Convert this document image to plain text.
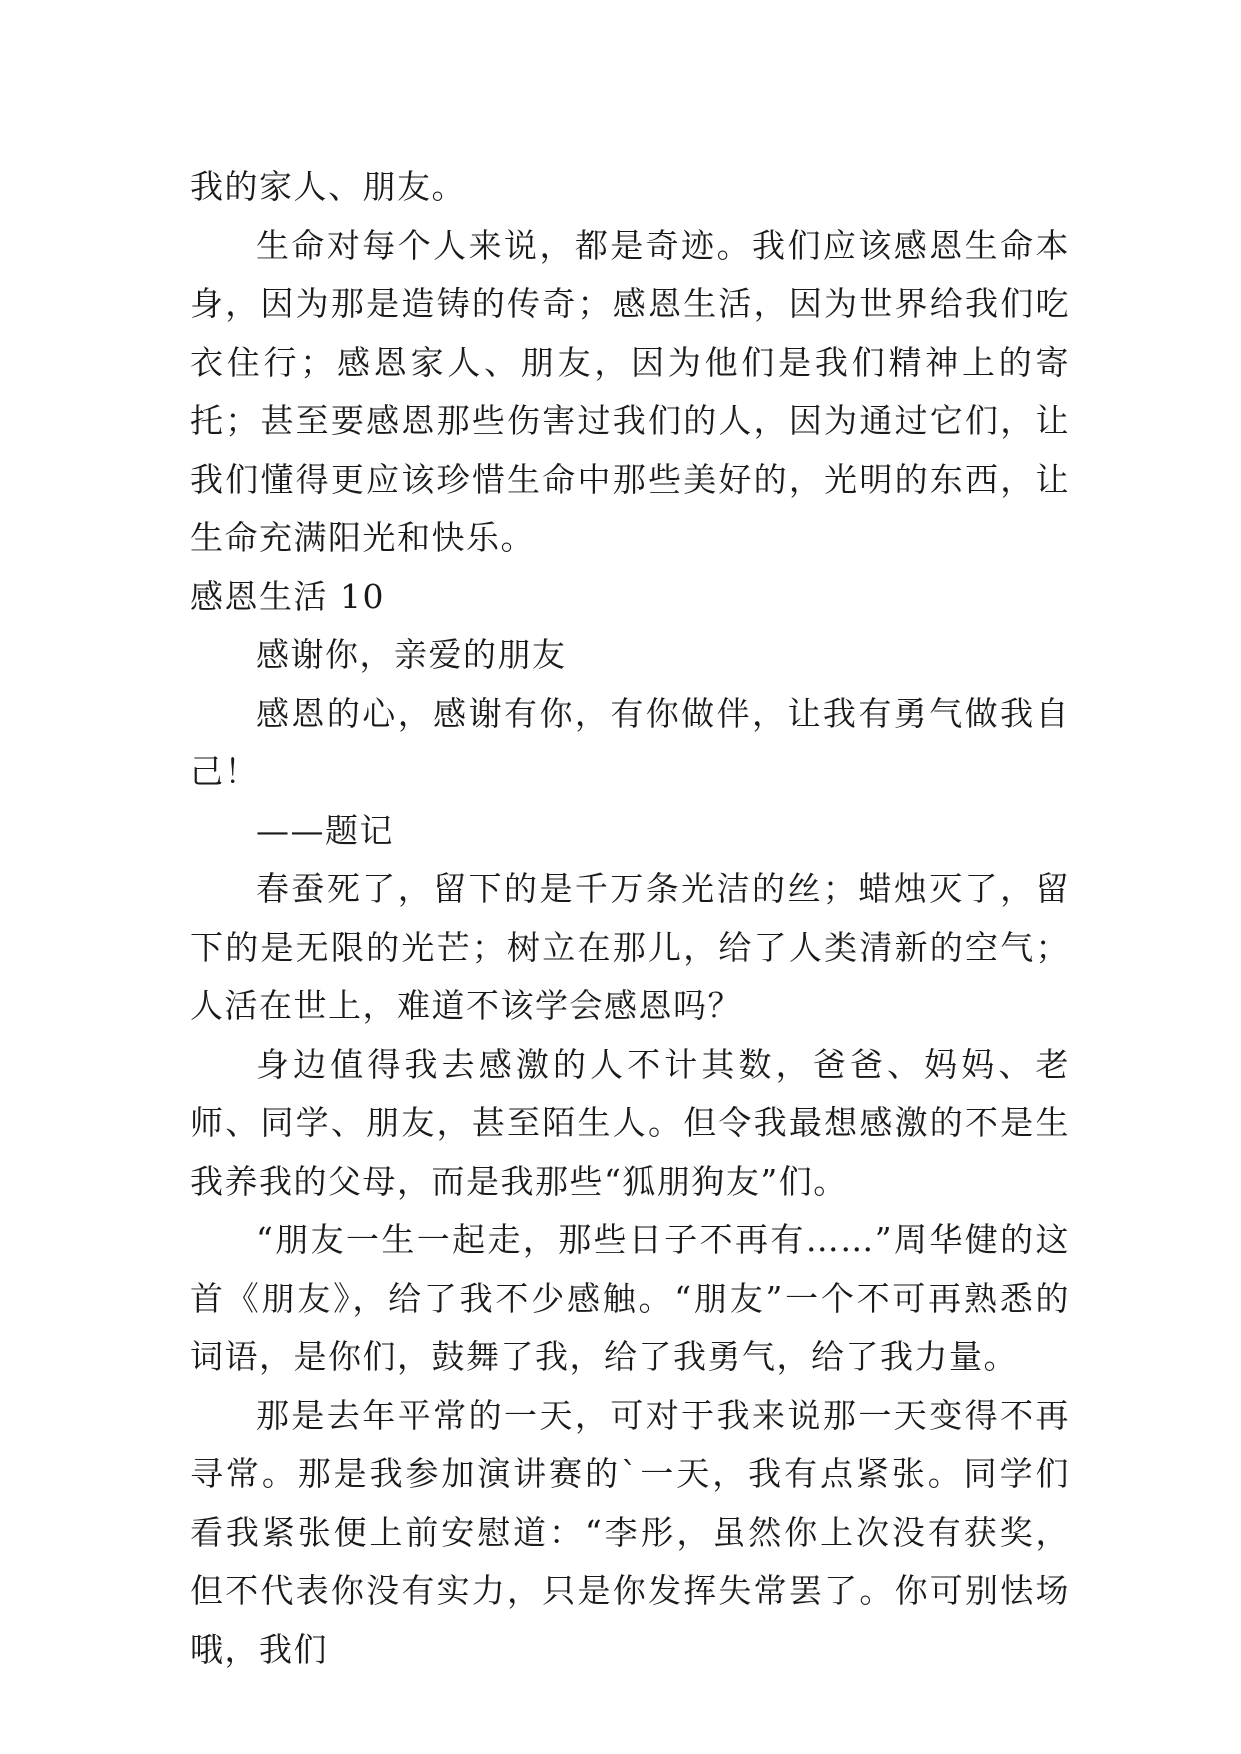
我的家人、朋友。

生命对每个人来说，都是奇迹。我们应该感恩生命本身，因为那是造铸的传奇；感恩生活，因为世界给我们吃衣住行；感恩家人、朋友，因为他们是我们精神上的寄托；甚至要感恩那些伤害过我们的人，因为通过它们，让我们懂得更应该珍惜生命中那些美好的，光明的东西，让生命充满阳光和快乐。

感恩生活 10

感谢你，亲爱的朋友

感恩的心，感谢有你，有你做伴，让我有勇气做我自己！

——题记

春蚕死了，留下的是千万条光洁的丝；蜡烛灭了，留下的是无限的光芒；树立在那儿，给了人类清新的空气；人活在世上，难道不该学会感恩吗？

身边值得我去感激的人不计其数，爸爸、妈妈、老师、同学、朋友，甚至陌生人。但令我最想感激的不是生我养我的父母，而是我那些“狐朋狗友”们。

“朋友一生一起走，那些日子不再有……”周华健的这首《朋友》，给了我不少感触。“朋友”一个不可再熟悉的词语，是你们，鼓舞了我，给了我勇气，给了我力量。

那是去年平常的一天，可对于我来说那一天变得不再寻常。那是我参加演讲赛的`一天，我有点紧张。同学们看我紧张便上前安慰道：“李彤，虽然你上次没有获奖，但不代表你没有实力，只是你发挥失常罢了。你可别怯场哦，我们
